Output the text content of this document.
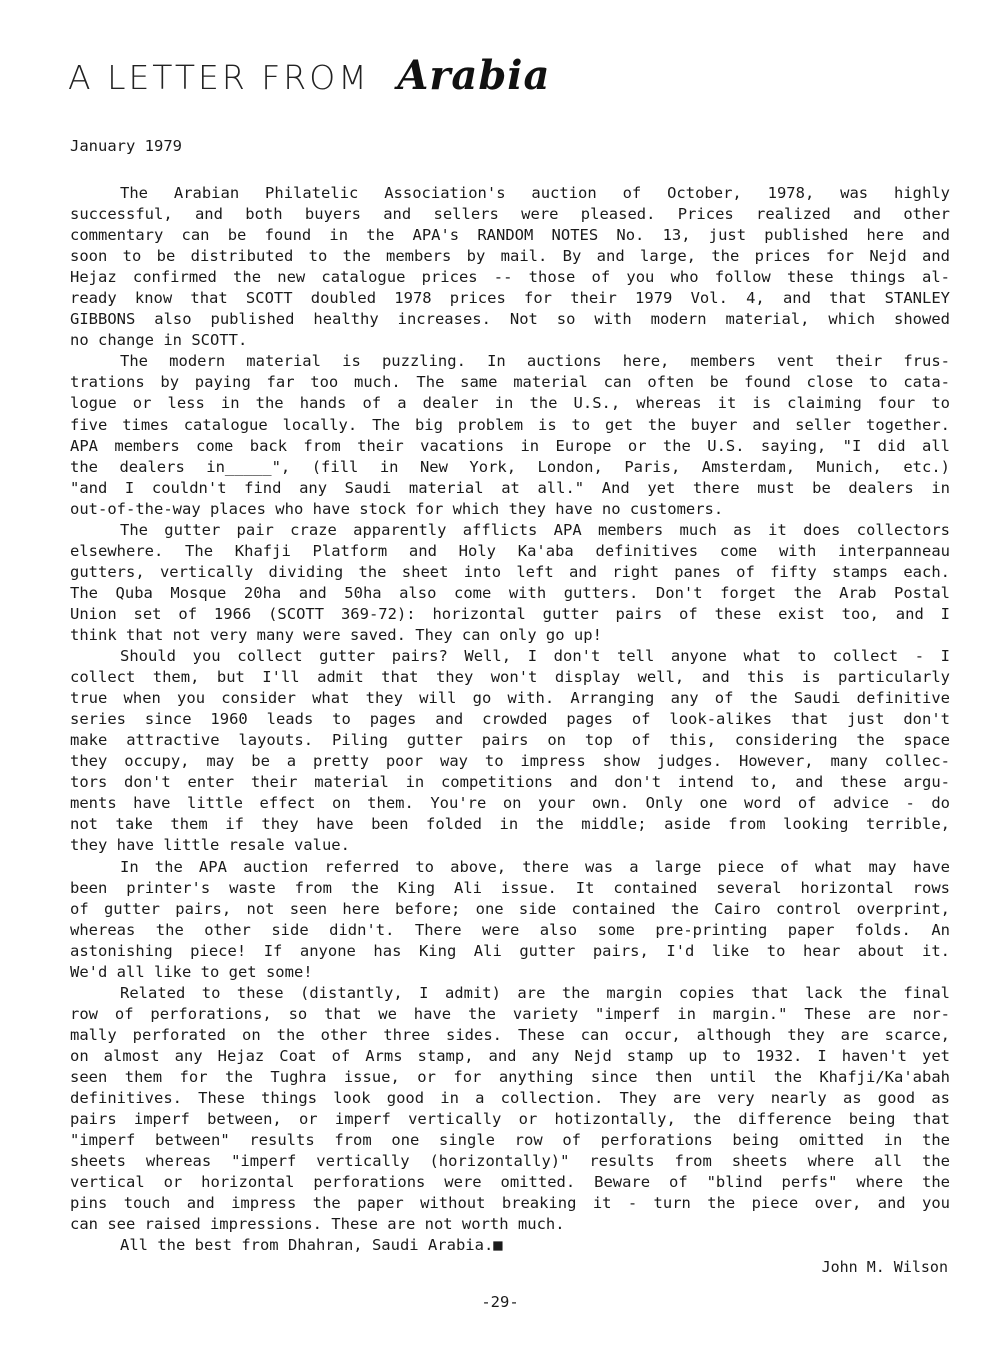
A LETTER FROM Arabia
January 1979
The Arabian Philatelic Association's auction of October, 1978, was highly
successful, and both buyers and sellers were pleased. Prices realized and other
commentary can be found in the APA's RANDOM NOTES No. 13, just published here and
soon to be distributed to the members by mail. By and large, the prices for Nejd and
Hejaz confirmed the new catalogue prices -- those of you who follow these things al-
ready know that SCOTT doubled 1978 prices for their 1979 Vol. 4, and that STANLEY
GIBBONS also published healthy increases. Not so with modern material, which showed
no change in SCOTT.
The modern material is puzzling. In auctions here, members vent their frus-
trations by paying far too much. The same material can often be found close to cata-
logue or less in the hands of a dealer in the U.S., whereas it is claiming four to
five times catalogue locally. The big problem is to get the buyer and seller together.
APA members come back from their vacations in Europe or the U.S. saying, "I did all
the dealers in_____", (fill in New York, London, Paris, Amsterdam, Munich, etc.)
"and I couldn't find any Saudi material at all." And yet there must be dealers in
out-of-the-way places who have stock for which they have no customers.
The gutter pair craze apparently afflicts APA members much as it does collectors
elsewhere. The Khafji Platform and Holy Ka'aba definitives come with interpanneau
gutters, vertically dividing the sheet into left and right panes of fifty stamps each.
The Quba Mosque 20ha and 50ha also come with gutters. Don't forget the Arab Postal
Union set of 1966 (SCOTT 369-72): horizontal gutter pairs of these exist too, and I
think that not very many were saved. They can only go up!
Should you collect gutter pairs? Well, I don't tell anyone what to collect - I
collect them, but I'll admit that they won't display well, and this is particularly
true when you consider what they will go with. Arranging any of the Saudi definitive
series since 1960 leads to pages and crowded pages of look-alikes that just don't
make attractive layouts. Piling gutter pairs on top of this, considering the space
they occupy, may be a pretty poor way to impress show judges. However, many collec-
tors don't enter their material in competitions and don't intend to, and these argu-
ments have little effect on them. You're on your own. Only one word of advice - do
not take them if they have been folded in the middle; aside from looking terrible,
they have little resale value.
In the APA auction referred to above, there was a large piece of what may have
been printer's waste from the King Ali issue. It contained several horizontal rows
of gutter pairs, not seen here before; one side contained the Cairo control overprint,
whereas the other side didn't. There were also some pre-printing paper folds. An
astonishing piece! If anyone has King Ali gutter pairs, I'd like to hear about it.
We'd all like to get some!
Related to these (distantly, I admit) are the margin copies that lack the final
row of perforations, so that we have the variety "imperf in margin." These are nor-
mally perforated on the other three sides. These can occur, although they are scarce,
on almost any Hejaz Coat of Arms stamp, and any Nejd stamp up to 1932. I haven't yet
seen them for the Tughra issue, or for anything since then until the Khafji/Ka'abah
definitives. These things look good in a collection. They are very nearly as good as
pairs imperf between, or imperf vertically or hotizontally, the difference being that
"imperf between" results from one single row of perforations being omitted in the
sheets whereas "imperf vertically (horizontally)" results from sheets where all the
vertical or horizontal perforations were omitted. Beware of "blind perfs" where the
pins touch and impress the paper without breaking it - turn the piece over, and you
can see raised impressions. These are not worth much.
All the best from Dhahran, Saudi Arabia.■
John M. Wilson
-29-
